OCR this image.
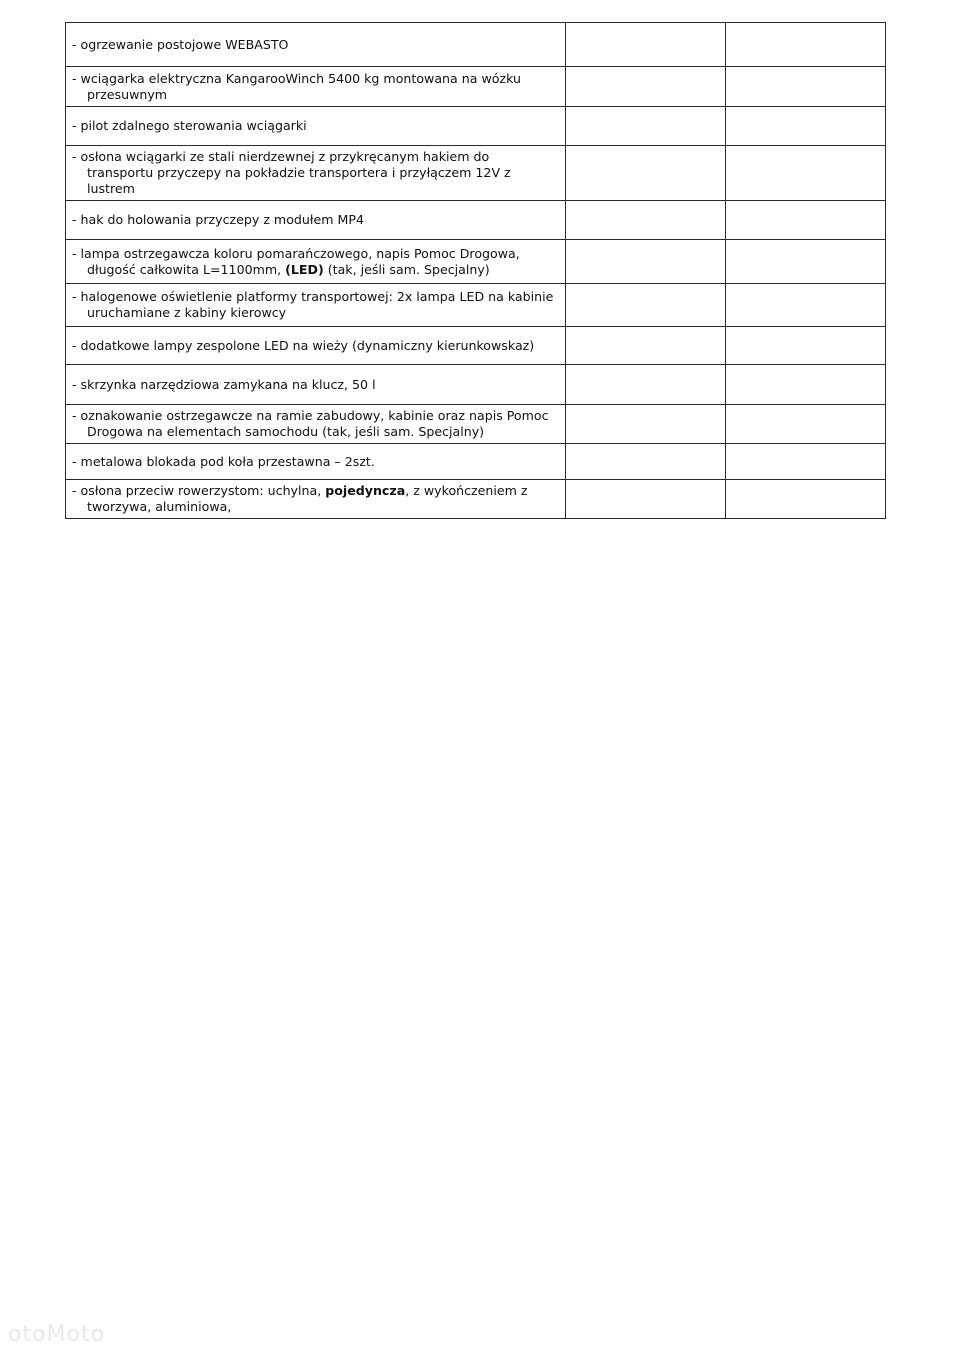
- ogrzewanie postojowe WEBASTO		

- wciągarka elektryczna KangarooWinch 5400 kg montowana na wózku przesuwnym		

- pilot zdalnego sterowania wciągarki		

- osłona wciągarki ze stali nierdzewnej z przykręcanym hakiem do transportu przyczepy na pokładzie transportera i przyłączem 12V z lustrem		

- hak do holowania przyczepy z modułem MP4		

- lampa ostrzegawcza koloru pomarańczowego, napis Pomoc Drogowa, długość całkowita L=1100mm, (LED) (tak, jeśli sam. Specjalny)		

- halogenowe oświetlenie platformy transportowej: 2x lampa LED na kabinie uruchamiane z kabiny kierowcy		

- dodatkowe lampy zespolone LED na wieży (dynamiczny kierunkowskaz)		

- skrzynka narzędziowa zamykana na klucz, 50 l		

- oznakowanie ostrzegawcze na ramie zabudowy, kabinie oraz napis Pomoc Drogowa na elementach samochodu (tak, jeśli sam. Specjalny)		

- metalowa blokada pod koła przestawna – 2szt.		

- osłona przeciw rowerzystom: uchylna, pojedyncza, z wykończeniem z tworzywa, aluminiowa,		

otoMoto
